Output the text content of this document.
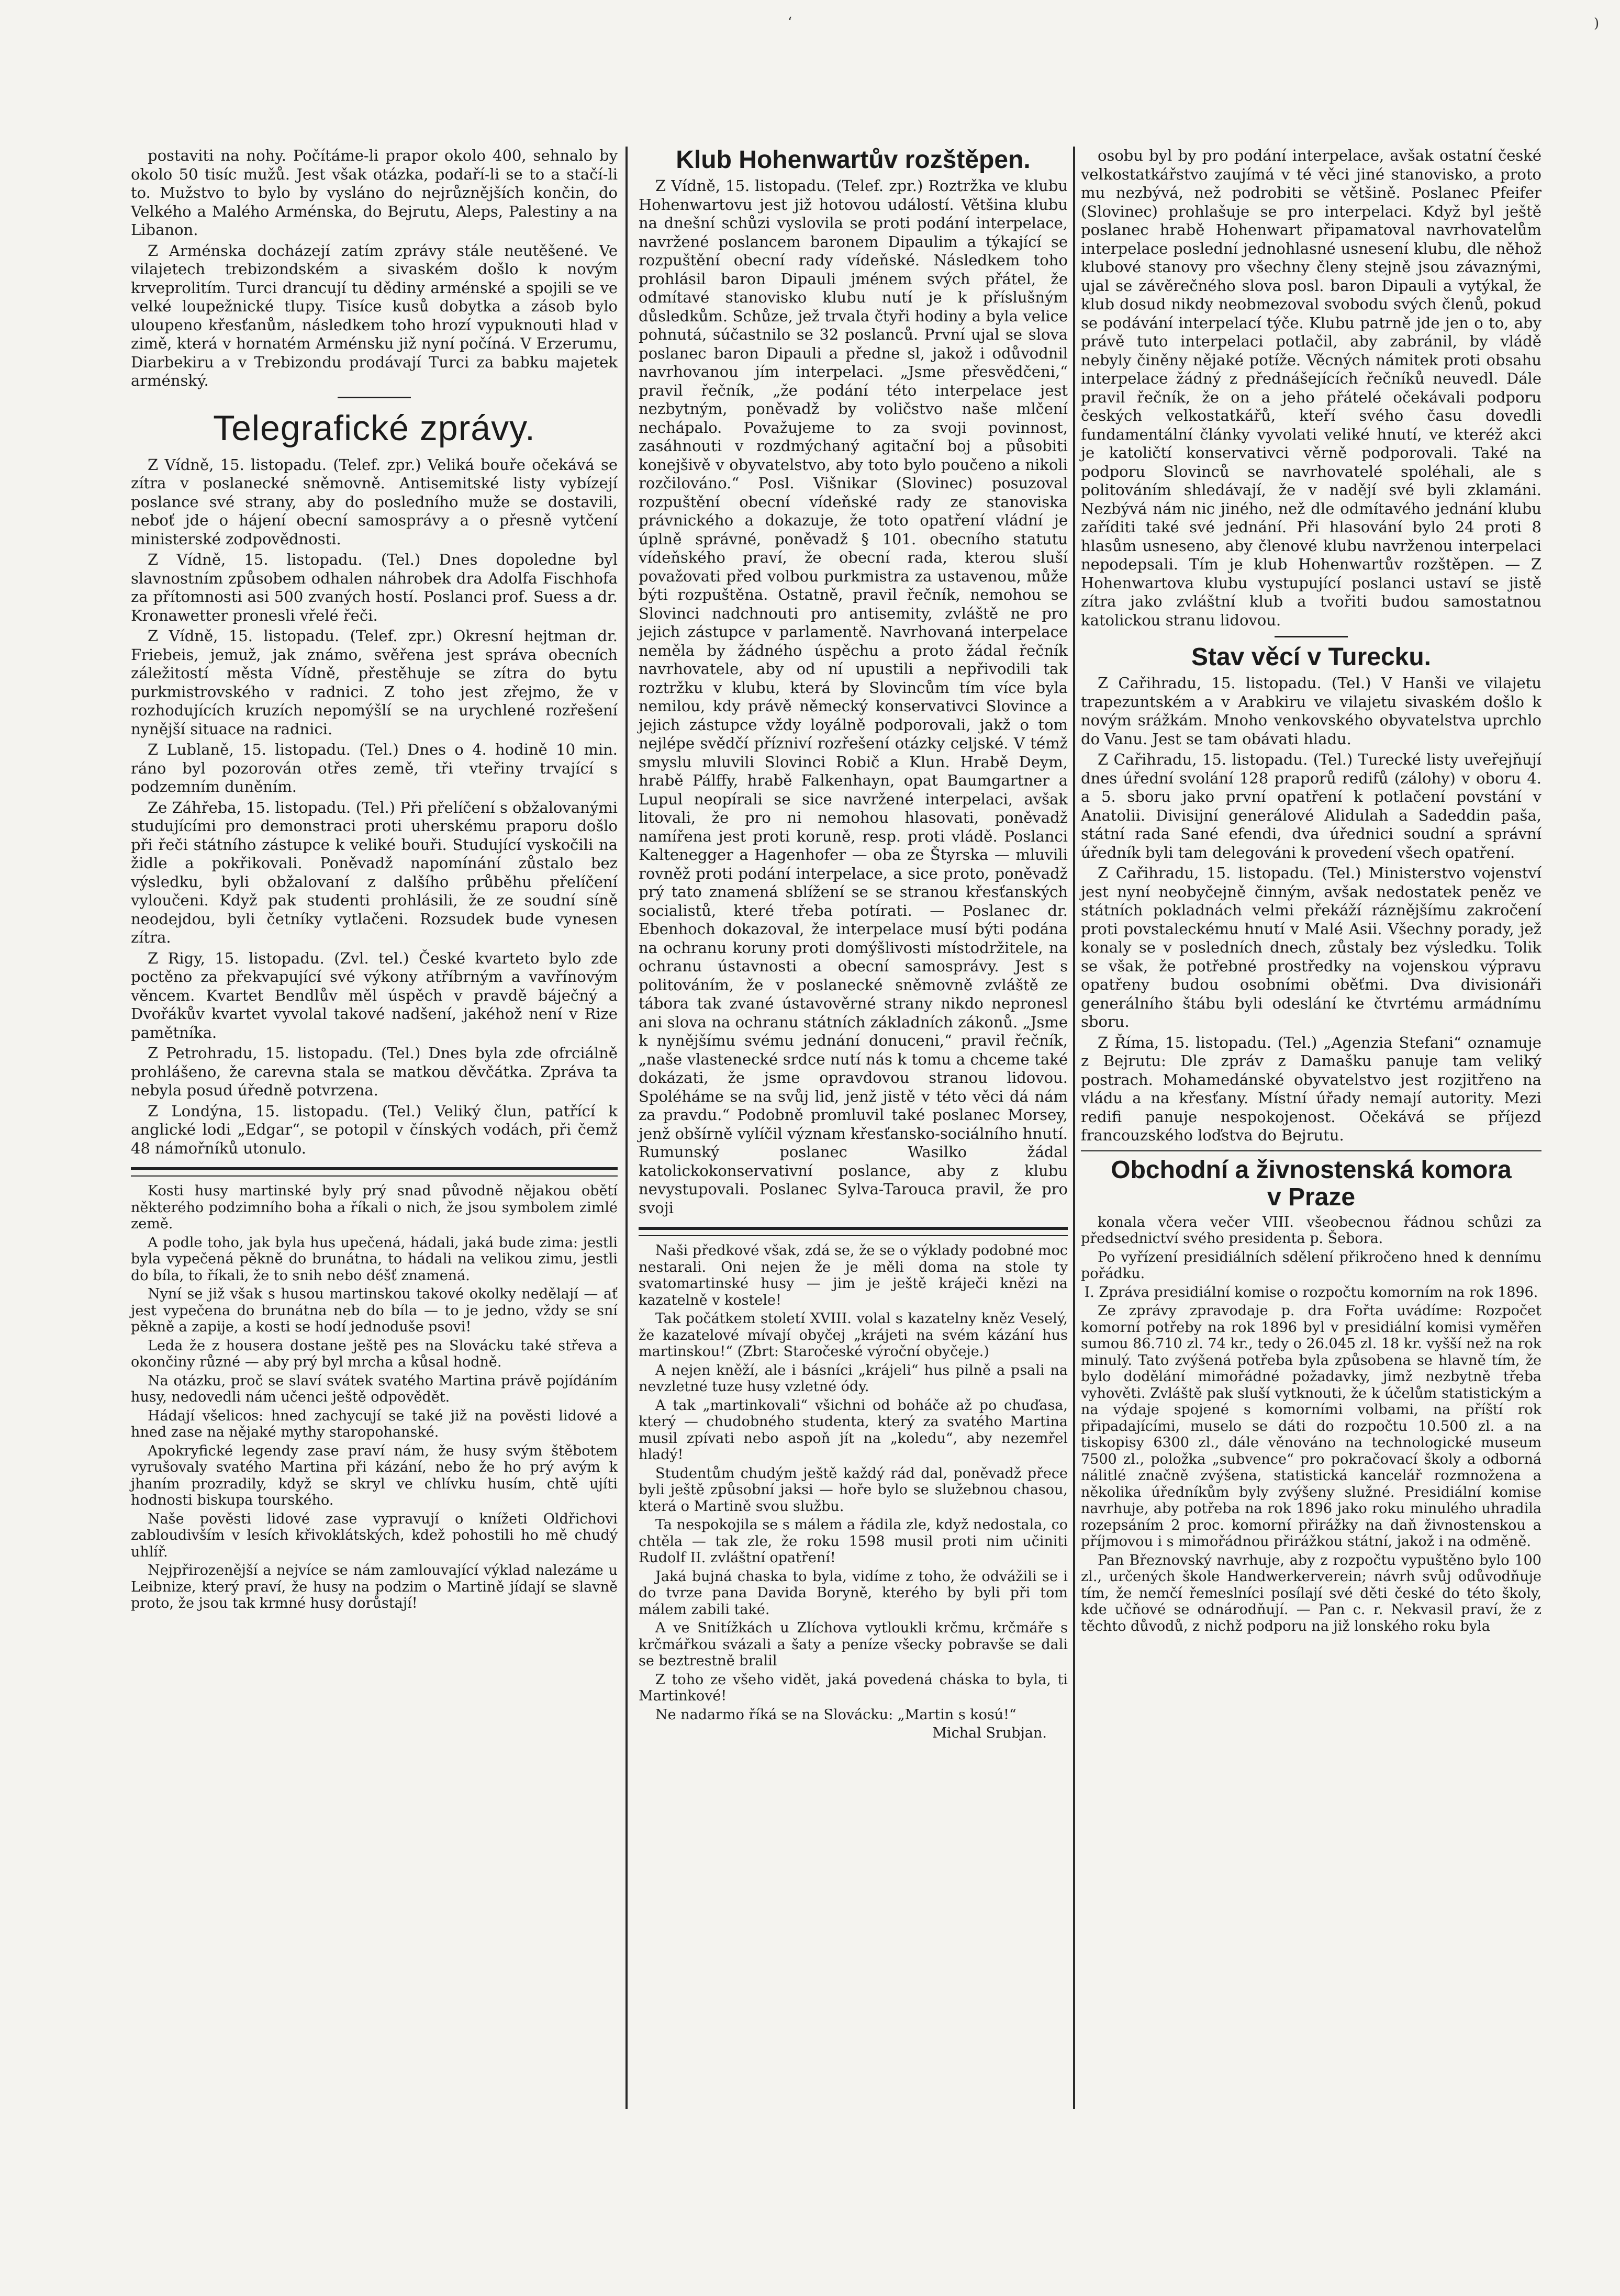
‘	)

postaviti na nohy. Počítáme-li prapor okolo 400, sehnalo by okolo 50 tisíc mužů. Jest však otázka, podaří-li se to a stačí-li to. Mužstvo to bylo by vysláno do nejrůznějších končin, do Velkého a Malého Arménska, do Bejrutu, Aleps, Palestiny a na Libanon.

Z Arménska docházejí zatím zprávy stále neutěšené. Ve vilajetech trebizondském a sivaském došlo k novým krveprolitím. Turci drancují tu dědiny arménské a spojili se ve velké loupežnické tlupy. Tisíce kusů dobytka a zásob bylo uloupeno křesťanům, následkem toho hrozí vypuknouti hlad v zimě, která v hornatém Arménsku již nyní počíná. V Erzerumu, Diarbekiru a v Trebizondu prodávají Turci za babku majetek arménský.

Telegrafické zprávy.

Z Vídně, 15. listopadu. (Telef. zpr.) Veliká bouře očekává se zítra v poslanecké sněmovně. Antisemitské listy vybízejí poslance své strany, aby do posledního muže se dostavili, neboť jde o hájení obecní samosprávy a o přesně vytčení ministerské zodpovědnosti.

Z Vídně, 15. listopadu. (Tel.) Dnes dopoledne byl slavnostním způsobem odhalen náhrobek dra Adolfa Fischhofa za přítomnosti asi 500 zvaných hostí. Poslanci prof. Suess a dr. Kronawetter pronesli vřelé řeči.

Z Vídně, 15. listopadu. (Telef. zpr.) Okresní hejtman dr. Friebeis, jemuž, jak známo, svěřena jest správa obecních záležitostí města Vídně, přestěhuje se zítra do bytu purkmistrovského v radnici. Z toho jest zřejmo, že v rozhodujících kruzích nepomýšlí se na urychlené rozřešení nynější situace na radnici.

Z Lublaně, 15. listopadu. (Tel.) Dnes o 4. hodině 10 min. ráno byl pozorován otřes země, tři vteřiny trvající s podzemním duněním.

Ze Záhřeba, 15. listopadu. (Tel.) Při přelíčení s obžalovanými studujícími pro demonstraci proti uherskému praporu došlo při řeči státního zástupce k veliké bouři. Studující vyskočili na židle a pokřikovali. Poněvadž napomínání zůstalo bez výsledku, byli obžalovaní z dalšího průběhu přelíčení vyloučeni. Když pak studenti prohlásili, že ze soudní síně neodejdou, byli četníky vytlačeni. Rozsudek bude vynesen zítra.

Z Rigy, 15. listopadu. (Zvl. tel.) České kvarteto bylo zde poctěno za překvapující své výkony atříbrným a vavřínovým věncem. Kvartet Bendlův měl úspěch v pravdě báječný a Dvořákův kvartet vyvolal takové nadšení, jakéhož není v Rize pamětníka.

Z Petrohradu, 15. listopadu. (Tel.) Dnes byla zde ofrciálně prohlášeno, že carevna stala se matkou děvčátka. Zpráva ta nebyla posud úředně potvrzena.

Z Londýna, 15. listopadu. (Tel.) Veliký člun, patřící k anglické lodi „Edgar“, se potopil v čínských vodách, při čemž 48 námořníků utonulo.

Kosti husy martinské byly prý snad původně nějakou obětí některého podzimního boha a říkali o nich, že jsou symbolem zimlé země.

A podle toho, jak byla hus upečená, hádali, jaká bude zima: jestli byla vypečená pěkně do brunátna, to hádali na velikou zimu, jestli do bíla, to říkali, že to snih nebo déšť znamená.

Nyní se již však s husou martinskou takové okolky nedělají — ať jest vypečena do brunátna neb do bíla — to je jedno, vždy se sní pěkně a zapije, a kosti se hodí jednoduše psovi!

Leda že z housera dostane ještě pes na Slovácku také střeva a okončiny různé — aby prý byl mrcha a kůsal hodně.

Na otázku, proč se slaví svátek svatého Martina právě pojídáním husy, nedovedli nám učenci ještě odpovědět.

Hádají všelicos: hned zachycují se také již na pověsti lidové a hned zase na nějaké mythy staropohanské.

Apokryfické legendy zase praví nám, že husy svým štěbotem vyrušovaly svatého Martina při kázání, nebo že ho prý avým k jhaním prozradily, když se skryl ve chlívku husím, chtě ujíti hodnosti biskupa tourského.

Naše pověsti lidové zase vypravují o knížeti Oldřichovi zabloudivším v lesích křivoklátských, kdež pohostili ho mě chudý uhlíř.

Nejpřirozenější a nejvíce se nám zamlouvající výklad nalezáme u Leibnize, který praví, že husy na podzim o Martině jídají se slavně proto, že jsou tak krmné husy dorůstají!

Klub Hohenwartův rozštěpen.

Z Vídně, 15. listopadu. (Telef. zpr.) Roztržka ve klubu Hohenwartovu jest již hotovou událostí. Většina klubu na dnešní schůzi vyslovila se proti podání interpelace, navržené poslancem baronem Dipaulim a týkající se rozpuštění obecní rady vídeňské. Následkem toho prohlásil baron Dipauli jménem svých přátel, že odmítavé stanovisko klubu nutí je k příslušným důsledkům. Schůze, jež trvala čtyři hodiny a byla velice pohnutá, súčastnilo se 32 poslanců. První ujal se slova poslanec baron Dipauli a předne sl, jakož i odůvodnil navrhovanou jím interpelaci. „Jsme přesvědčeni,“ pravil řečník, „že podání této interpelace jest nezbytným, poněvadž by voličstvo naše mlčení nechápalo. Považujeme to za svoji povinnost, zasáhnouti v rozdmýchaný agitační boj a působiti konejšivě v obyvatelstvo, aby toto bylo poučeno a nikoli rozčilováno.“ Posl. Višnikar (Slovinec) posuzoval rozpuštění obecní vídeňské rady ze stanoviska právnického a dokazuje, že toto opatření vládní je úplně správné, poněvadž § 101. obecního statutu vídeňského praví, že obecní rada, kterou sluší považovati před volbou purkmistra za ustavenou, může býti rozpuštěna. Ostatně, pravil řečník, nemohou se Slovinci nadchnouti pro antisemity, zvláště ne pro jejich zástupce v parlamentě. Navrhovaná interpelace neměla by žádného úspěchu a proto žádal řečník navrhovatele, aby od ní upustili a nepřivodili tak roztržku v klubu, která by Slovincům tím více byla nemilou, kdy právě německý konservativci Slovince a jejich zástupce vždy loyálně podporovali, jakž o tom nejlépe svědčí přízniví rozřešení otázky celjské. V témž smyslu mluvili Slovinci Robič a Klun. Hrabě Deym, hrabě Pálffy, hrabě Falkenhayn, opat Baumgartner a Lupul neopírali se sice navržené interpelaci, avšak litovali, že pro ni nemohou hlasovati, poněvadž namířena jest proti koruně, resp. proti vládě. Poslanci Kaltenegger a Hagenhofer — oba ze Štyrska — mluvili rovněž proti podání interpelace, a sice proto, poněvadž prý tato znamená sblížení se se stranou křesťanských socialistů, které třeba potírati. — Poslanec dr. Ebenhoch dokazoval, že interpelace musí býti podána na ochranu koruny proti domýšlivosti místodržitele, na ochranu ústavnosti a obecní samosprávy. Jest s politováním, že v poslanecké sněmovně zvláště ze tábora tak zvané ústavověrné strany nikdo nepronesl ani slova na ochranu státních základních zákonů. „Jsme k nynějšímu svému jednání donuceni,“ pravil řečník, „naše vlastenecké srdce nutí nás k tomu a chceme také dokázati, že jsme opravdovou stranou lidovou. Spoléháme se na svůj lid, jenž jistě v této věci dá nám za pravdu.“ Podobně promluvil také poslanec Morsey, jenž obšírně vylíčil význam křesťansko-sociálního hnutí. Rumunský poslanec Wasilko žádal katolickokonservativní poslance, aby z klubu nevystupovali. Poslanec Sylva-Tarouca pravil, že pro svoji

Naši předkové však, zdá se, že se o výklady podobné moc nestarali. Oni nejen že je měli doma na stole ty svatomartinské husy — jim je ještě kráječi knězi na kazatelně v kostele!

Tak počátkem století XVIII. volal s kazatelny kněz Veselý, že kazatelové mívají obyčej „krájeti na svém kázání hus martinskou!“ (Zbrt: Staročeské výroční obyčeje.)

A nejen kněží, ale i básníci „krájeli“ hus pilně a psali na nevzletné tuze husy vzletné ódy.

A tak „martinkovali“ všichni od boháče až po chuďasa, který — chudobného studenta, který za svatého Martina musil zpívati nebo aspoň jít na „koledu“, aby nezemřel hladý!

Studentům chudým ještě každý rád dal, poněvadž přece byli ještě způsobní jaksi — hoře bylo se služebnou chasou, která o Martině svou službu.

Ta nespokojila se s málem a řádila zle, když nedostala, co chtěla — tak zle, že roku 1598 musil proti nim učiniti Rudolf II. zvláštní opatření!

Jaká bujná chaska to byla, vidíme z toho, že odvážili se i do tvrze pana Davida Boryně, kterého by byli při tom málem zabili také.

A ve Snitížkách u Zlíchova vytloukli krčmu, krčmáře s krčmářkou svázali a šaty a peníze všecky pobravše se dali se beztrestně bralil

Z toho ze všeho vidět, jaká povedená cháska to byla, ti Martinkové!

Ne nadarmo říká se na Slovácku: „Martin s kosú!“

Michal Srubjan.

osobu byl by pro podání interpelace, avšak ostatní české velkostatkářstvo zaujímá v té věci jiné stanovisko, a proto mu nezbývá, než podrobiti se většině. Poslanec Pfeifer (Slovinec) prohlašuje se pro interpelaci. Když byl ještě poslanec hrabě Hohenwart připamatoval navrhovatelům interpelace poslední jednohlasné usnesení klubu, dle něhož klubové stanovy pro všechny členy stejně jsou závaznými, ujal se závěrečného slova posl. baron Dipauli a vytýkal, že klub dosud nikdy neobmezoval svobodu svých členů, pokud se podávání interpelací týče. Klubu patrně jde jen o to, aby právě tuto interpelaci potlačil, aby zabránil, by vládě nebyly činěny nějaké potíže. Věcných námitek proti obsahu interpelace žádný z přednášejících řečníků neuvedl. Dále pravil řečník, že on a jeho přátelé očekávali podporu českých velkostatkářů, kteří svého času dovedli fundamentální články vyvolati veliké hnutí, ve kteréž akci je katoličtí konservativci věrně podporovali. Také na podporu Slovinců se navrhovatelé spoléhali, ale s politováním shledávají, že v nadějí své byli zklamáni. Nezbývá nám nic jiného, než dle odmítavého jednání klubu zaříditi také své jednání. Při hlasování bylo 24 proti 8 hlasům usneseno, aby členové klubu navrženou interpelaci nepodepsali. Tím je klub Hohenwartův rozštěpen. — Z Hohenwartova klubu vystupující poslanci ustaví se jistě zítra jako zvláštní klub a tvořiti budou samostatnou katolickou stranu lidovou.

Stav věcí v Turecku.

Z Cařihradu, 15. listopadu. (Tel.) V Hanši ve vilajetu trapezuntském a v Arabkiru ve vilajetu sivaském došlo k novým srážkám. Mnoho venkovského obyvatelstva uprchlo do Vanu. Jest se tam obávati hladu.

Z Cařihradu, 15. listopadu. (Tel.) Turecké listy uveřejňují dnes úřední svolání 128 praporů redifů (zálohy) v oboru 4. a 5. sboru jako první opatření k potlačení povstání v Anatolii. Divisijní generálové Alidulah a Sadeddin paša, státní rada Sané efendi, dva úřednici soudní a správní úředník byli tam delegováni k provedení všech opatření.

Z Cařihradu, 15. listopadu. (Tel.) Ministerstvo vojenství jest nyní neobyčejně činným, avšak nedostatek peněz ve státních pokladnách velmi překáží ráznějšímu zakročení proti povstaleckému hnutí v Malé Asii. Všechny porady, jež konaly se v posledních dnech, zůstaly bez výsledku. Tolik se však, že potřebné prostředky na vojenskou výpravu opatřeny budou osobními oběťmi. Dva divisionáři generálního štábu byli odeslání ke čtvrtému armádnímu sboru.

Z Říma, 15. listopadu. (Tel.) „Agenzia Stefani“ oznamuje z Bejrutu: Dle zpráv z Damašku panuje tam veliký postrach. Mohamedánské obyvatelstvo jest rozjitřeno na vládu a na křesťany. Místní úřady nemají autority. Mezi redifi panuje nespokojenost. Očekává se příjezd francouzského loďstva do Bejrutu.

Obchodní a živnostenská komora
v Praze

konala včera večer VIII. všeobecnou řádnou schůzi za předsednictví svého presidenta p. Šebora.

Po vyřízení presidiálních sdělení přikročeno hned k dennímu pořádku.

I. Zpráva presidiální komise o rozpočtu komorním na rok 1896.

Ze zprávy zpravodaje p. dra Fořta uvádíme: Rozpočet komorní potřeby na rok 1896 byl v presidiální komisi vyměřen sumou 86.710 zl. 74 kr., tedy o 26.045 zl. 18 kr. vyšší než na rok minulý. Tato zvýšená potřeba byla způsobena se hlavně tím, že bylo dodělání mimořádné požadavky, jimž nezbytně třeba vyhověti. Zvláště pak sluší vytknouti, že k účelům statistickým a na výdaje spojené s komorními volbami, na příští rok připadajícími, muselo se dáti do rozpočtu 10.500 zl. a na tiskopisy 6300 zl., dále věnováno na technologické museum 7500 zl., položka „subvence“ pro pokračovací školy a odborná nálitlé značně zvýšena, statistická kancelář rozmnožena a několika úředníkům byly zvýšeny služné. Presidiální komise navrhuje, aby potřeba na rok 1896 jako roku minulého uhradila rozepsáním 2 proc. komorní přirážky na daň živnostenskou a příjmovou i s mimořádnou přirážkou státní, jakož i na odměně.

Pan Březnovský navrhuje, aby z rozpočtu vypuštěno bylo 100 zl., určených škole Handwerkerverein; návrh svůj odůvodňuje tím, že nemčí řemeslníci posílají své děti české do této školy, kde učňové se odnárodňují. — Pan c. r. Nekvasil praví, že z těchto důvodů, z nichž podporu na již lonského roku byla
